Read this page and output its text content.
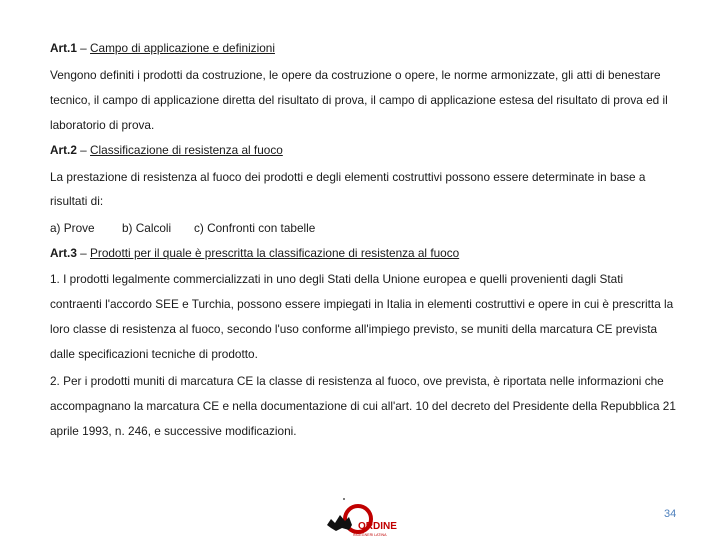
Art.1 – Campo di applicazione e definizioni
Vengono definiti i prodotti da costruzione, le opere da costruzione o opere, le norme armonizzate, gli atti di benestare
tecnico, il campo di applicazione diretta del risultato di prova, il campo di applicazione estesa del risultato di prova ed il
laboratorio di prova.
Art.2 – Classificazione di resistenza al fuoco
La prestazione di resistenza al fuoco dei prodotti e degli elementi costruttivi possono essere determinate in base a
risultati di:
a) Prove b) Calcoli c) Confronti con tabelle
Art.3 – Prodotti per il quale è prescritta la classificazione di resistenza al fuoco
1. I prodotti legalmente commercializzati in uno degli Stati della Unione europea e quelli provenienti dagli Stati
contraenti l'accordo SEE e Turchia, possono essere impiegati in Italia in elementi costruttivi e opere in cui è prescritta la
loro classe di resistenza al fuoco, secondo l'uso conforme all'impiego previsto, se muniti della marcatura CE prevista
dalle specificazioni tecniche di prodotto.
2. Per i prodotti muniti di marcatura CE la classe di resistenza al fuoco, ove prevista, è riportata nelle informazioni che
accompagnano la marcatura CE e nella documentazione di cui all'art. 10 del decreto del Presidente della Repubblica 21
aprile 1993, n. 246, e successive modificazioni.
ORDINE
INGEGNERI LATINA
34
